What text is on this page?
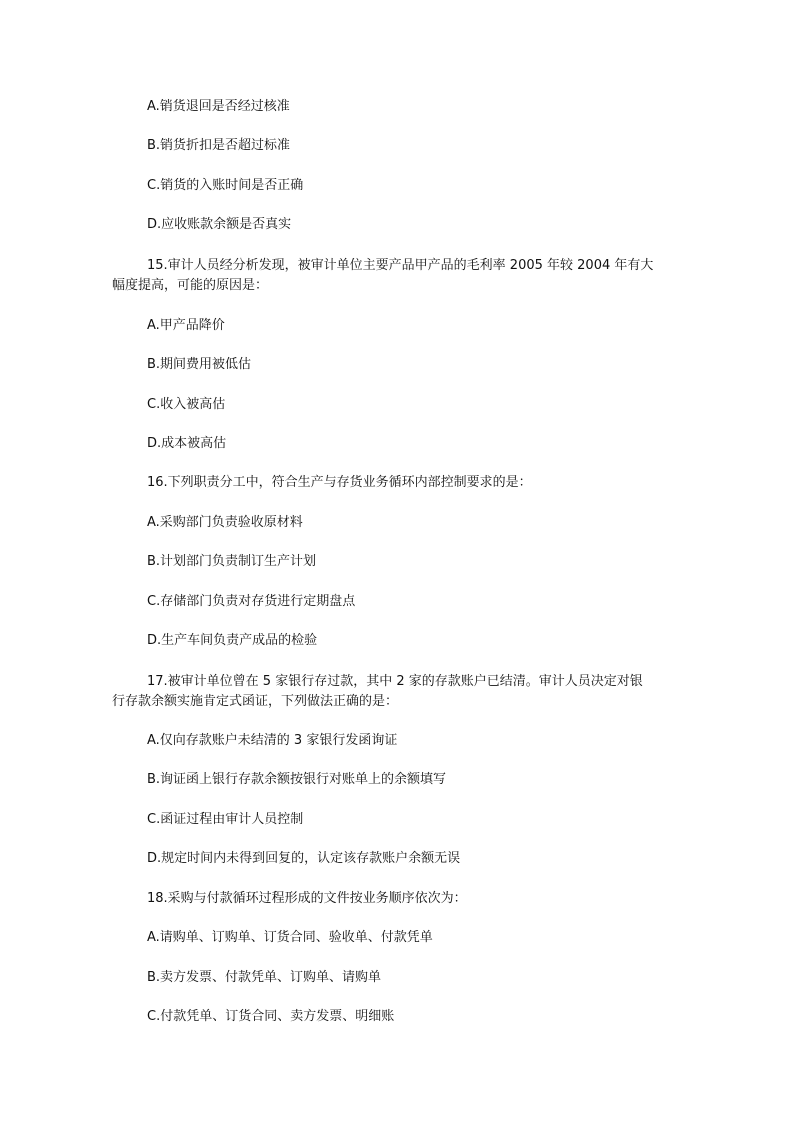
A.销货退回是否经过核准
B.销货折扣是否超过标准
C.销货的入账时间是否正确
D.应收账款余额是否真实
15.审计人员经分析发现，被审计单位主要产品甲产品的毛利率 2005 年较 2004 年有大
幅度提高，可能的原因是：
A.甲产品降价
B.期间费用被低估
C.收入被高估
D.成本被高估
16.下列职责分工中，符合生产与存货业务循环内部控制要求的是：
A.采购部门负责验收原材料
B.计划部门负责制订生产计划
C.存储部门负责对存货进行定期盘点
D.生产车间负责产成品的检验
17.被审计单位曾在 5 家银行存过款，其中 2 家的存款账户已结清。审计人员决定对银
行存款余额实施肯定式函证，下列做法正确的是：
A.仅向存款账户未结清的 3 家银行发函询证
B.询证函上银行存款余额按银行对账单上的余额填写
C.函证过程由审计人员控制
D.规定时间内未得到回复的，认定该存款账户余额无误
18.采购与付款循环过程形成的文件按业务顺序依次为：
A.请购单、订购单、订货合同、验收单、付款凭单
B.卖方发票、付款凭单、订购单、请购单
C.付款凭单、订货合同、卖方发票、明细账
